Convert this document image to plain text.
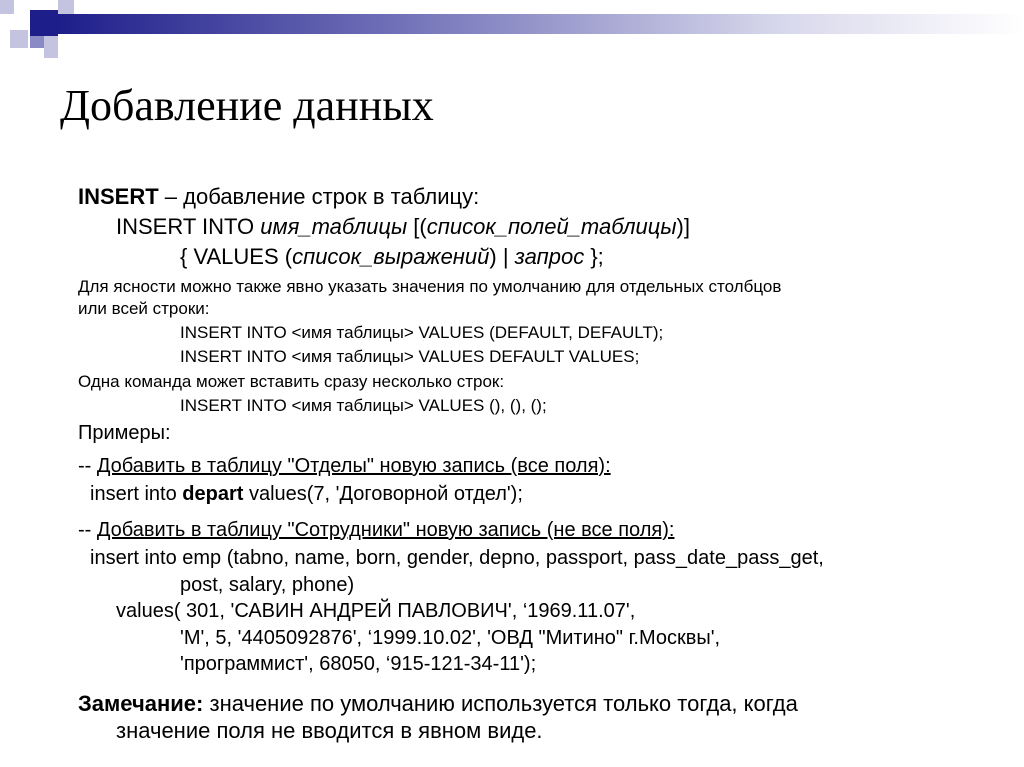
Добавление данных
INSERT – добавление строк в таблицу:
INSERT INTO имя_таблицы [(список_полей_таблицы)]
{ VALUES (список_выражений) | запрос };
Для ясности можно также явно указать значения по умолчанию для отдельных столбцов
или всей строки:
INSERT INTO <имя таблицы> VALUES (DEFAULT, DEFAULT);
INSERT INTO <имя таблицы> VALUES DEFAULT VALUES;
Одна команда может вставить сразу несколько строк:
INSERT INTO <имя таблицы> VALUES (), (), ();
Примеры:
-- Добавить в таблицу "Отделы" новую запись (все поля):
insert into depart values(7, 'Договорной отдел');
-- Добавить в таблицу "Сотрудники" новую запись (не все поля):
insert into emp (tabno, name, born, gender, depno, passport, pass_date_pass_get,
post, salary, phone)
values( 301, 'САВИН АНДРЕЙ ПАВЛОВИЧ', ‘1969.11.07',
'M', 5, '4405092876', ‘1999.10.02', 'ОВД "Митино" г.Москвы',
'программист', 68050, ‘915-121-34-11');
Замечание: значение по умолчанию используется только тогда, когда
значение поля не вводится в явном виде.
